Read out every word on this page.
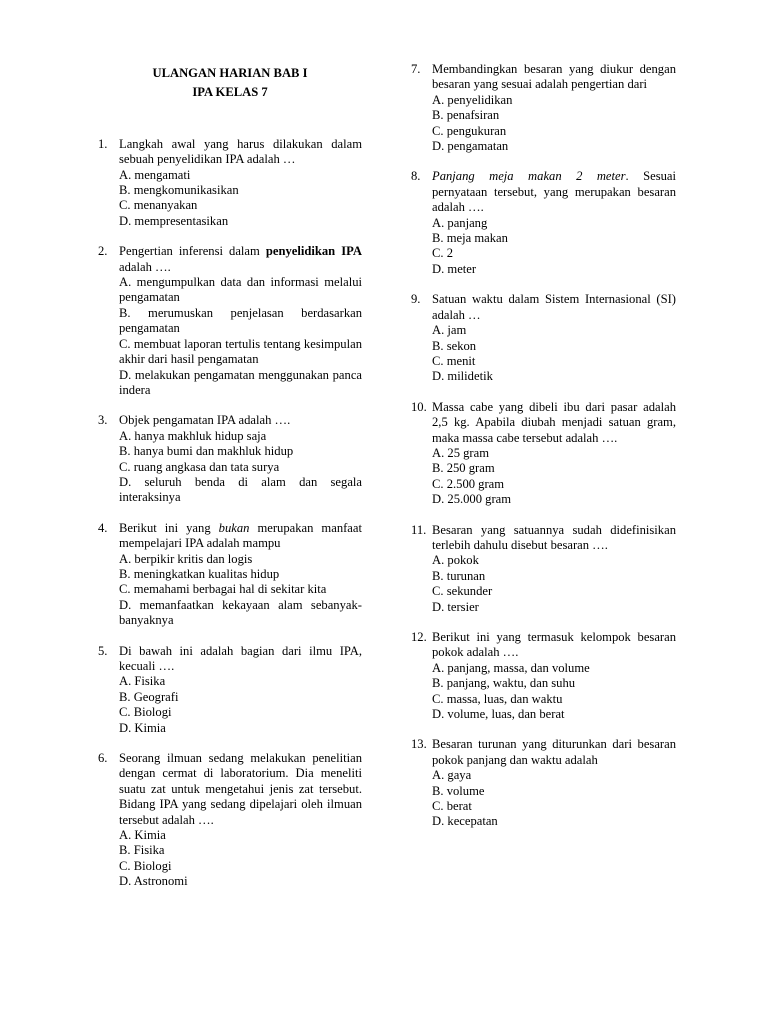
ULANGAN HARIAN BAB I
IPA KELAS 7
1. Langkah awal yang harus dilakukan dalam sebuah penyelidikan IPA adalah …
A. mengamati
B. mengkomunikasikan
C. menanyakan
D. mempresentasikan
2. Pengertian inferensi dalam penyelidikan IPA adalah ….
A. mengumpulkan data dan informasi melalui pengamatan
B. merumuskan penjelasan berdasarkan pengamatan
C. membuat laporan tertulis tentang kesimpulan akhir dari hasil pengamatan
D. melakukan pengamatan menggunakan panca indera
3. Objek pengamatan IPA adalah ….
A. hanya makhluk hidup saja
B. hanya bumi dan makhluk hidup
C. ruang angkasa dan tata surya
D. seluruh benda di alam dan segala interaksinya
4. Berikut ini yang bukan merupakan manfaat mempelajari IPA adalah mampu
A. berpikir kritis dan logis
B. meningkatkan kualitas hidup
C. memahami berbagai hal di sekitar kita
D. memanfaatkan kekayaan alam sebanyak-banyaknya
5. Di bawah ini adalah bagian dari ilmu IPA, kecuali ….
A. Fisika
B. Geografi
C. Biologi
D. Kimia
6. Seorang ilmuan sedang melakukan penelitian dengan cermat di laboratorium. Dia meneliti suatu zat untuk mengetahui jenis zat tersebut. Bidang IPA yang sedang dipelajari oleh ilmuan tersebut adalah ….
A. Kimia
B. Fisika
C. Biologi
D. Astronomi
7. Membandingkan besaran yang diukur dengan besaran yang sesuai adalah pengertian dari
A. penyelidikan
B. penafsiran
C. pengukuran
D. pengamatan
8. Panjang meja makan 2 meter. Sesuai pernyataan tersebut, yang merupakan besaran adalah ….
A. panjang
B. meja makan
C. 2
D. meter
9. Satuan waktu dalam Sistem Internasional (SI) adalah …
A. jam
B. sekon
C. menit
D. milidetik
10. Massa cabe yang dibeli ibu dari pasar adalah 2,5 kg. Apabila diubah menjadi satuan gram, maka massa cabe tersebut adalah ….
A. 25 gram
B. 250 gram
C. 2.500 gram
D. 25.000 gram
11. Besaran yang satuannya sudah didefinisikan terlebih dahulu disebut besaran ….
A. pokok
B. turunan
C. sekunder
D. tersier
12. Berikut ini yang termasuk kelompok besaran pokok adalah ….
A. panjang, massa, dan volume
B. panjang, waktu, dan suhu
C. massa, luas, dan waktu
D. volume, luas, dan berat
13. Besaran turunan yang diturunkan dari besaran pokok panjang dan waktu adalah
A. gaya
B. volume
C. berat
D. kecepatan
